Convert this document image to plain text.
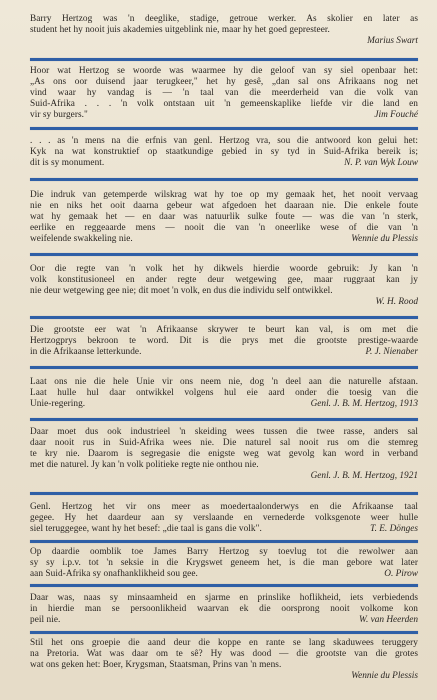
Barry Hertzog was 'n deeglike, stadige, getroue werker. As skolier en later as
student het hy nooit juis akademies uitgeblink nie, maar hy het goed gepresteer.
Marius Swart
Hoor wat Hertzog se woorde was waarmee hy die geloof van sy siel openbaar het:
„As ons oor duisend jaar terugkeer," het hy gesê, „dan sal ons Afrikaans nog net
vind waar hy vandag is — 'n taal van die meerderheid van die volk van
Suid-Afrika . . . 'n volk ontstaan uit 'n gemeenskaplike liefde vir die land en
vir sy burgers."	Jim Fouché
. . . as 'n mens na die erfnis van genl. Hertzog vra, sou die antwoord kon gelui het:
Kyk na wat konstruktief op staatkundige gebied in sy tyd in Suid-Afrika bereik is;
dit is sy monument.	N. P. van Wyk Louw
Die indruk van getemperde wilskrag wat hy toe op my gemaak het, het nooit vervaag
nie en niks het ooit daarna gebeur wat afgedoen het daaraan nie. Die enkele foute
wat hy gemaak het — en daar was natuurlik sulke foute — was die van 'n sterk,
eerlike en reggeaarde mens — nooit die van 'n oneerlike wese of die van 'n
weifelende swakkeling nie.	Wennie du Plessis
Oor die regte van 'n volk het hy dikwels hierdie woorde gebruik: Jy kan 'n
volk konstitusioneel en ander regte deur wetgewing gee, maar ruggraat kan jy
nie deur wetgewing gee nie; dit moet 'n volk, en dus die individu self ontwikkel.
W. H. Rood
Die grootste eer wat 'n Afrikaanse skrywer te beurt kan val, is om met die
Hertzogprys bekroon te word. Dit is die prys met die grootste prestige-waarde
in die Afrikaanse letterkunde.	P. J. Nienaber
Laat ons nie die hele Unie vir ons neem nie, dog 'n deel aan die naturelle afstaan.
Laat hulle hul daar ontwikkel volgens hul eie aard onder die toesig van die
Unie-regering.	Genl. J. B. M. Hertzog, 1913
Daar moet dus ook industrieel 'n skeiding wees tussen die twee rasse, anders sal
daar nooit rus in Suid-Afrika wees nie. Die naturel sal nooit rus om die stemreg
te kry nie. Daarom is segregasie die enigste weg wat gevolg kan word in verband
met die naturel. Jy kan 'n volk politieke regte nie onthou nie.
Genl. J. B. M. Hertzog, 1921
Genl. Hertzog het vir ons meer as moedertaalonderwys en die Afrikaanse taal
gegee. Hy het daardeur aan sy verslaande en vernederde volksgenote weer hulle
siel teruggegee, want hy het besef: „die taal is gans die volk".	T. E. Dönges
Op daardie oomblik toe James Barry Hertzog sy toevlug tot die rewolwer aan
sy sy i.p.v. tot 'n seksie in die Krygswet geneem het, is die man gebore wat later
aan Suid-Afrika sy onafhanklikheid sou gee.	O. Pirow
Daar was, naas sy minsaamheid en sjarme en prinslike hoflikheid, iets verbiedends
in hierdie man se persoonlikheid waarvan ek die oorsprong nooit volkome kon
peil nie.	W. van Heerden
Stil het ons groepie die aand deur die koppe en rante se lang skaduwees teruggery
na Pretoria. Wat was daar om te sê? Hy was dood — die grootste van die grotes
wat ons geken het: Boer, Krygsman, Staatsman, Prins van 'n mens.
Wennie du Plessis
